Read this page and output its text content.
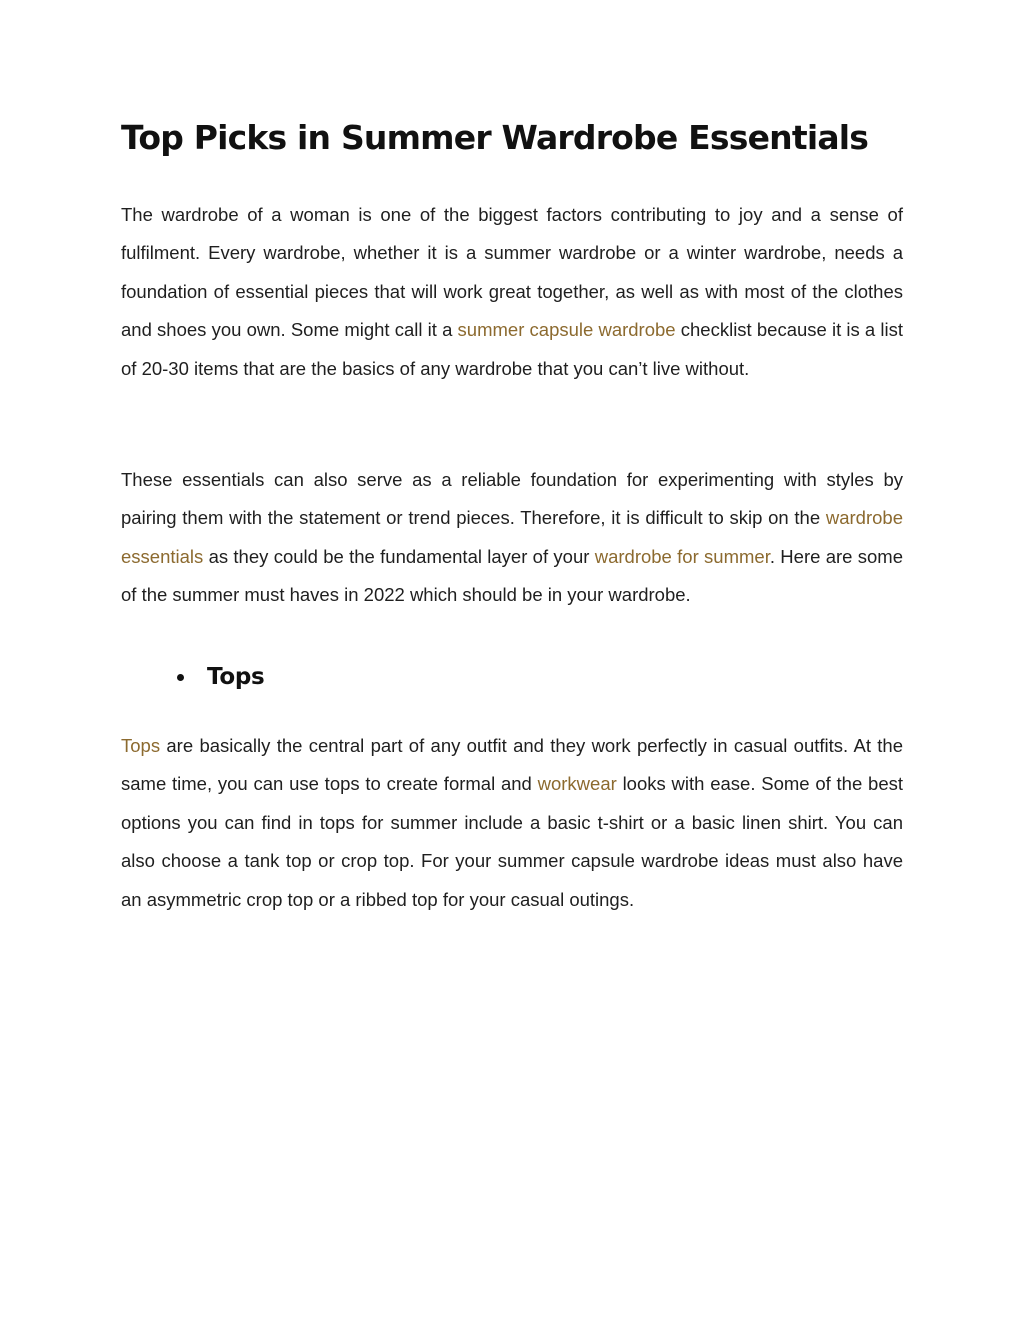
Top Picks in Summer Wardrobe Essentials

The wardrobe of a woman is one of the biggest factors contributing to joy and a sense of fulfilment. Every wardrobe, whether it is a summer wardrobe or a winter wardrobe, needs a foundation of essential pieces that will work great together, as well as with most of the clothes and shoes you own. Some might call it a summer capsule wardrobe checklist because it is a list of 20-30 items that are the basics of any wardrobe that you can’t live without.

These essentials can also serve as a reliable foundation for experimenting with styles by pairing them with the statement or trend pieces. Therefore, it is difficult to skip on the wardrobe essentials as they could be the fundamental layer of your wardrobe for summer. Here are some of the summer must haves in 2022 which should be in your wardrobe.

Tops

Tops are basically the central part of any outfit and they work perfectly in casual outfits. At the same time, you can use tops to create formal and workwear looks with ease. Some of the best options you can find in tops for summer include a basic t-shirt or a basic linen shirt. You can also choose a tank top or crop top. For your summer capsule wardrobe ideas must also have an asymmetric crop top or a ribbed top for your casual outings.
